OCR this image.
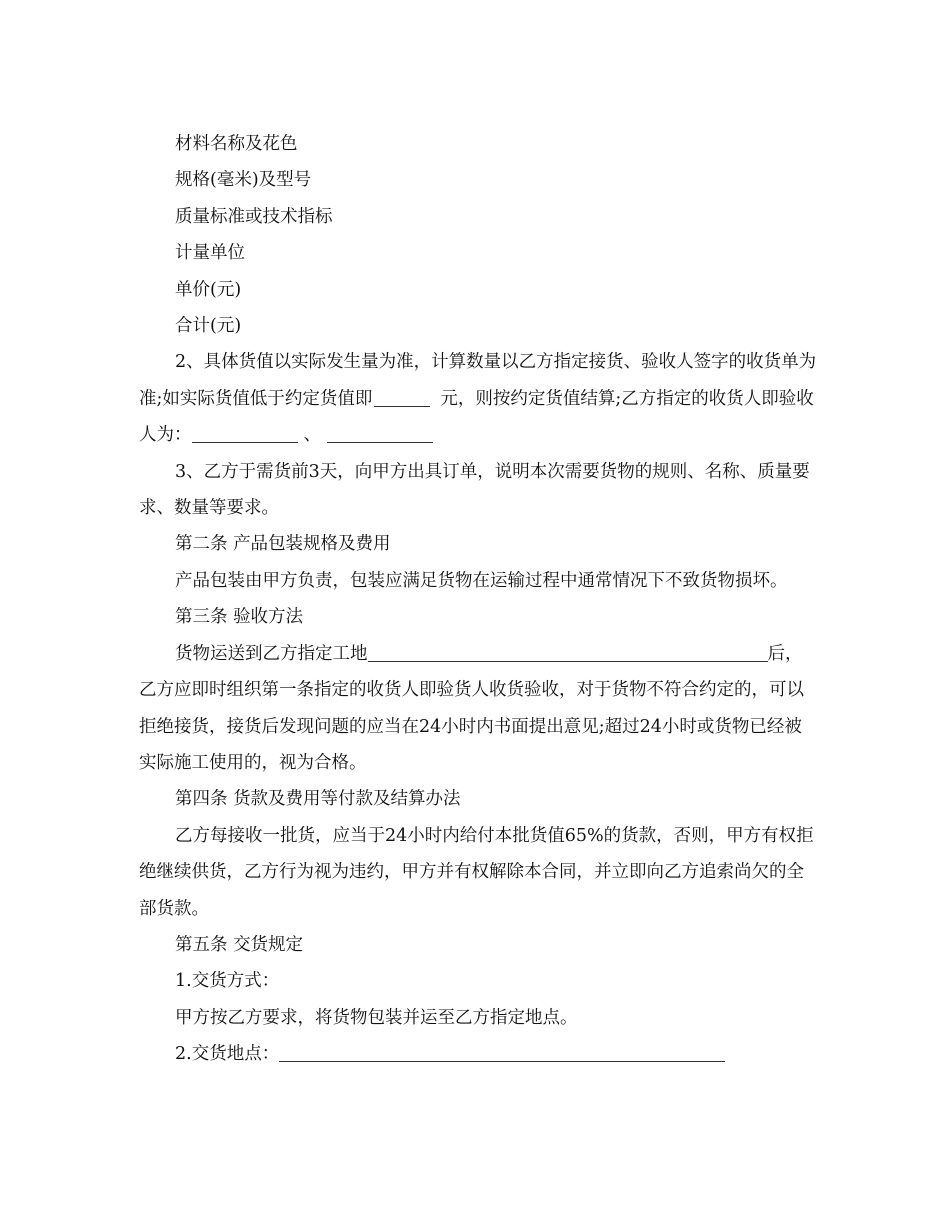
材料名称及花色

规格(毫米)及型号

质量标准或技术指标

计量单位

单价(元)

合计(元)

2、具体货值以实际发生量为准，计算数量以乙方指定接货、验收人签字的收货单为准;如实际货值低于约定货值即	元，则按约定货值结算;乙方指定的收货人即验收人为：	、

3、乙方于需货前3天，向甲方出具订单，说明本次需要货物的规则、名称、质量要求、数量等要求。

第二条 产品包装规格及费用

产品包装由甲方负责，包装应满足货物在运输过程中通常情况下不致货物损坏。

第三条 验收方法

货物运送到乙方指定工地	后，乙方应即时组织第一条指定的收货人即验货人收货验收，对于货物不符合约定的，可以拒绝接货，接货后发现问题的应当在24小时内书面提出意见;超过24小时或货物已经被实际施工使用的，视为合格。

第四条 货款及费用等付款及结算办法

乙方每接收一批货，应当于24小时内给付本批货值65%的货款，否则，甲方有权拒绝继续供货，乙方行为视为违约，甲方并有权解除本合同，并立即向乙方追索尚欠的全部货款。

第五条 交货规定

1.交货方式：

甲方按乙方要求，将货物包装并运至乙方指定地点。

2.交货地点：
